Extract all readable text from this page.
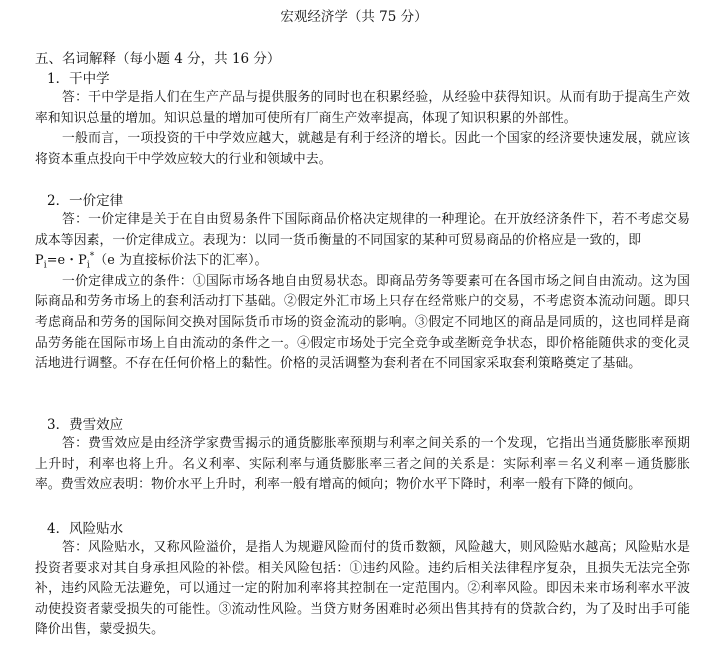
宏观经济学（共 75 分）
五、名词解释（每小题 4 分，共 16 分）
1．干中学

答：干中学是指人们在生产产品与提供服务的同时也在积累经验，从经验中获得知识。从而有助于提高生产效率和知识总量的增加。知识总量的增加可使所有厂商生产效率提高，体现了知识积累的外部性。

一般而言，一项投资的干中学效应越大，就越是有利于经济的增长。因此一个国家的经济要快速发展，就应该将资本重点投向干中学效应较大的行业和领域中去。

2．一价定律

答：一价定律是关于在自由贸易条件下国际商品价格决定规律的一种理论。在开放经济条件下，若不考虑交易成本等因素，一价定律成立。表现为：以同一货币衡量的不同国家的某种可贸易商品的价格应是一致的，即

$P_i=e$・$P_i^*(e$ 为直接标价法下的汇率）。

一价定律成立的条件：①国际市场各地自由贸易状态。即商品劳务等要素可在各国市场之间自由流动。这为国际商品和劳务市场上的套利活动打下基础。②假定外汇市场上只存在经常账户的交易，不考虑资本流动问题。即只考虑商品和劳务的国际间交换对国际货币市场的资金流动的影响。③假定不同地区的商品是同质的，这也同样是商品劳务能在国际市场上自由流动的条件之一。④假定市场处于完全竞争或垄断竞争状态，即价格能随供求的变化灵活地进行调整。不存在任何价格上的黏性。价格的灵活调整为套利者在不同国家采取套利策略奠定了基础。

3．费雪效应

答：费雪效应是由经济学家费雪揭示的通货膨胀率预期与利率之间关系的一个发现，它指出当通货膨胀率预期上升时，利率也将上升。名义利率、实际利率与通货膨胀率三者之间的关系是：实际利率＝名义利率－通货膨胀率。费雪效应表明：物价水平上升时，利率一般有增高的倾向；物价水平下降时，利率一般有下降的倾向。

4．风险贴水

答：风险贴水，又称风险溢价，是指人为规避风险而付的货币数额，风险越大，则风险贴水越高；风险贴水是投资者要求对其自身承担风险的补偿。相关风险包括：①违约风险。违约后相关法律程序复杂，且损失无法完全弥补，违约风险无法避免，可以通过一定的附加利率将其控制在一定范围内。②利率风险。即因未来市场利率水平波动使投资者蒙受损失的可能性。③流动性风险。当贷方财务困难时必须出售其持有的贷款合约，为了及时出手可能降价出售，蒙受损失。
